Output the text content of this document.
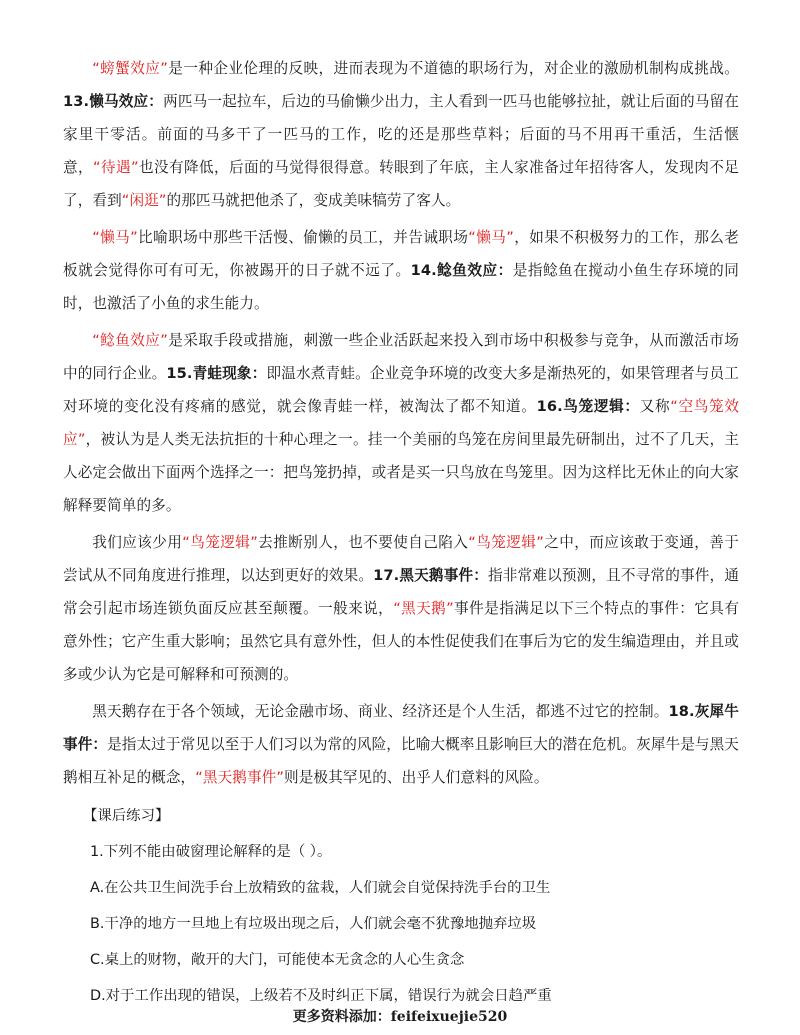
“螃蟹效应”是一种企业伦理的反映，进而表现为不道德的职场行为，对企业的激励机制构成挑战。13.懒马效应：两匹马一起拉车，后边的马偷懒少出力，主人看到一匹马也能够拉扯，就让后面的马留在家里干零活。前面的马多干了一匹马的工作，吃的还是那些草料；后面的马不用再干重活，生活惬意，“待遇”也没有降低，后面的马觉得很得意。转眼到了年底，主人家准备过年招待客人，发现肉不足了，看到“闲逛”的那匹马就把他杀了，变成美味犒劳了客人。

“懒马”比喻职场中那些干活慢、偷懒的员工，并告诫职场“懒马”，如果不积极努力的工作，那么老板就会觉得你可有可无，你被踢开的日子就不远了。14.鲶鱼效应：是指鲶鱼在搅动小鱼生存环境的同时，也激活了小鱼的求生能力。

“鲶鱼效应”是采取手段或措施，刺激一些企业活跃起来投入到市场中积极参与竞争，从而激活市场中的同行企业。15.青蛙现象：即温水煮青蛙。企业竞争环境的改变大多是渐热死的，如果管理者与员工对环境的变化没有疼痛的感觉，就会像青蛙一样，被淘汰了都不知道。16.鸟笼逻辑：又称“空鸟笼效应”，被认为是人类无法抗拒的十种心理之一。挂一个美丽的鸟笼在房间里最先研制出，过不了几天，主人必定会做出下面两个选择之一：把鸟笼扔掉，或者是买一只鸟放在鸟笼里。因为这样比无休止的向大家解释要简单的多。

我们应该少用“鸟笼逻辑”去推断别人，也不要使自己陷入“鸟笼逻辑”之中，而应该敢于变通，善于尝试从不同角度进行推理，以达到更好的效果。17.黑天鹅事件：指非常难以预测，且不寻常的事件，通常会引起市场连锁负面反应甚至颠覆。一般来说，“黑天鹅”事件是指满足以下三个特点的事件：它具有意外性；它产生重大影响；虽然它具有意外性，但人的本性促使我们在事后为它的发生编造理由，并且或多或少认为它是可解释和可预测的。

黑天鹅存在于各个领域，无论金融市场、商业、经济还是个人生活，都逃不过它的控制。18.灰犀牛事件：是指太过于常见以至于人们习以为常的风险，比喻大概率且影响巨大的潜在危机。灰犀牛是与黑天鹅相互补足的概念，“黑天鹅事件”则是极其罕见的、出乎人们意料的风险。

【课后练习】

1.下列不能由破窗理论解释的是（ ）。

A.在公共卫生间洗手台上放精致的盆栽，人们就会自觉保持洗手台的卫生

B.干净的地方一旦地上有垃圾出现之后，人们就会毫不犹豫地抛弃垃圾

C.桌上的财物，敞开的大门，可能使本无贪念的人心生贪念

D.对于工作出现的错误，上级若不及时纠正下属，错误行为就会日趋严重

更多资料添加：feifeixuejie520
